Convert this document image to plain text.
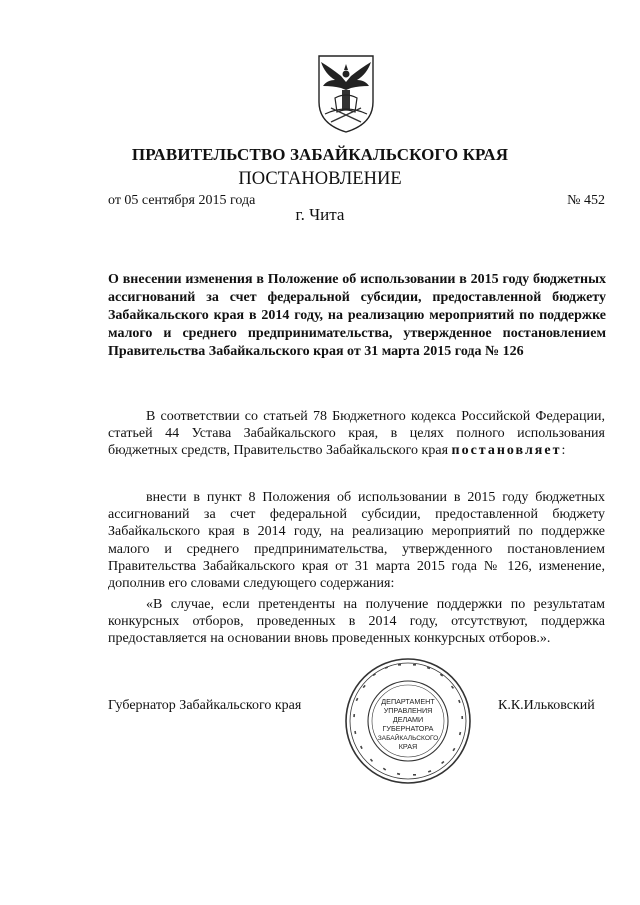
ПРАВИТЕЛЬСТВО ЗАБАЙКАЛЬСКОГО КРАЯ
ПОСТАНОВЛЕНИЕ
от 05 сентября 2015 года	№ 452
г. Чита
О внесении изменения в Положение об использовании в 2015 году бюджетных ассигнований за счет федеральной субсидии, предоставленной бюджету Забайкальского края в 2014 году, на реализацию мероприятий по поддержке малого и среднего предпринимательства, утвержденное постановлением Правительства Забайкальского края от 31 марта 2015 года № 126
В соответствии со статьей 78 Бюджетного кодекса Российской Федерации, статьей 44 Устава Забайкальского края, в целях полного использования бюджетных средств, Правительство Забайкальского края постановляет:
внести в пункт 8 Положения об использовании в 2015 году бюджетных ассигнований за счет федеральной субсидии, предоставленной бюджету Забайкальского края в 2014 году, на реализацию мероприятий по поддержке малого и среднего предпринимательства, утвержденного постановлением Правительства Забайкальского края от 31 марта 2015 года № 126, изменение, дополнив его словами следующего содержания:
«В случае, если претенденты на получение поддержки по результатам конкурсных отборов, проведенных в 2014 году, отсутствуют, поддержка предоставляется на основании вновь проведенных конкурсных отборов.».
Губернатор Забайкальского края	К.К.Ильковский
ДЕПАРТАМЕНТ
УПРАВЛЕНИЯ
ДЕЛАМИ
ГУБЕРНАТОРА
ЗАБАЙКАЛЬСКОГО
КРАЯ
